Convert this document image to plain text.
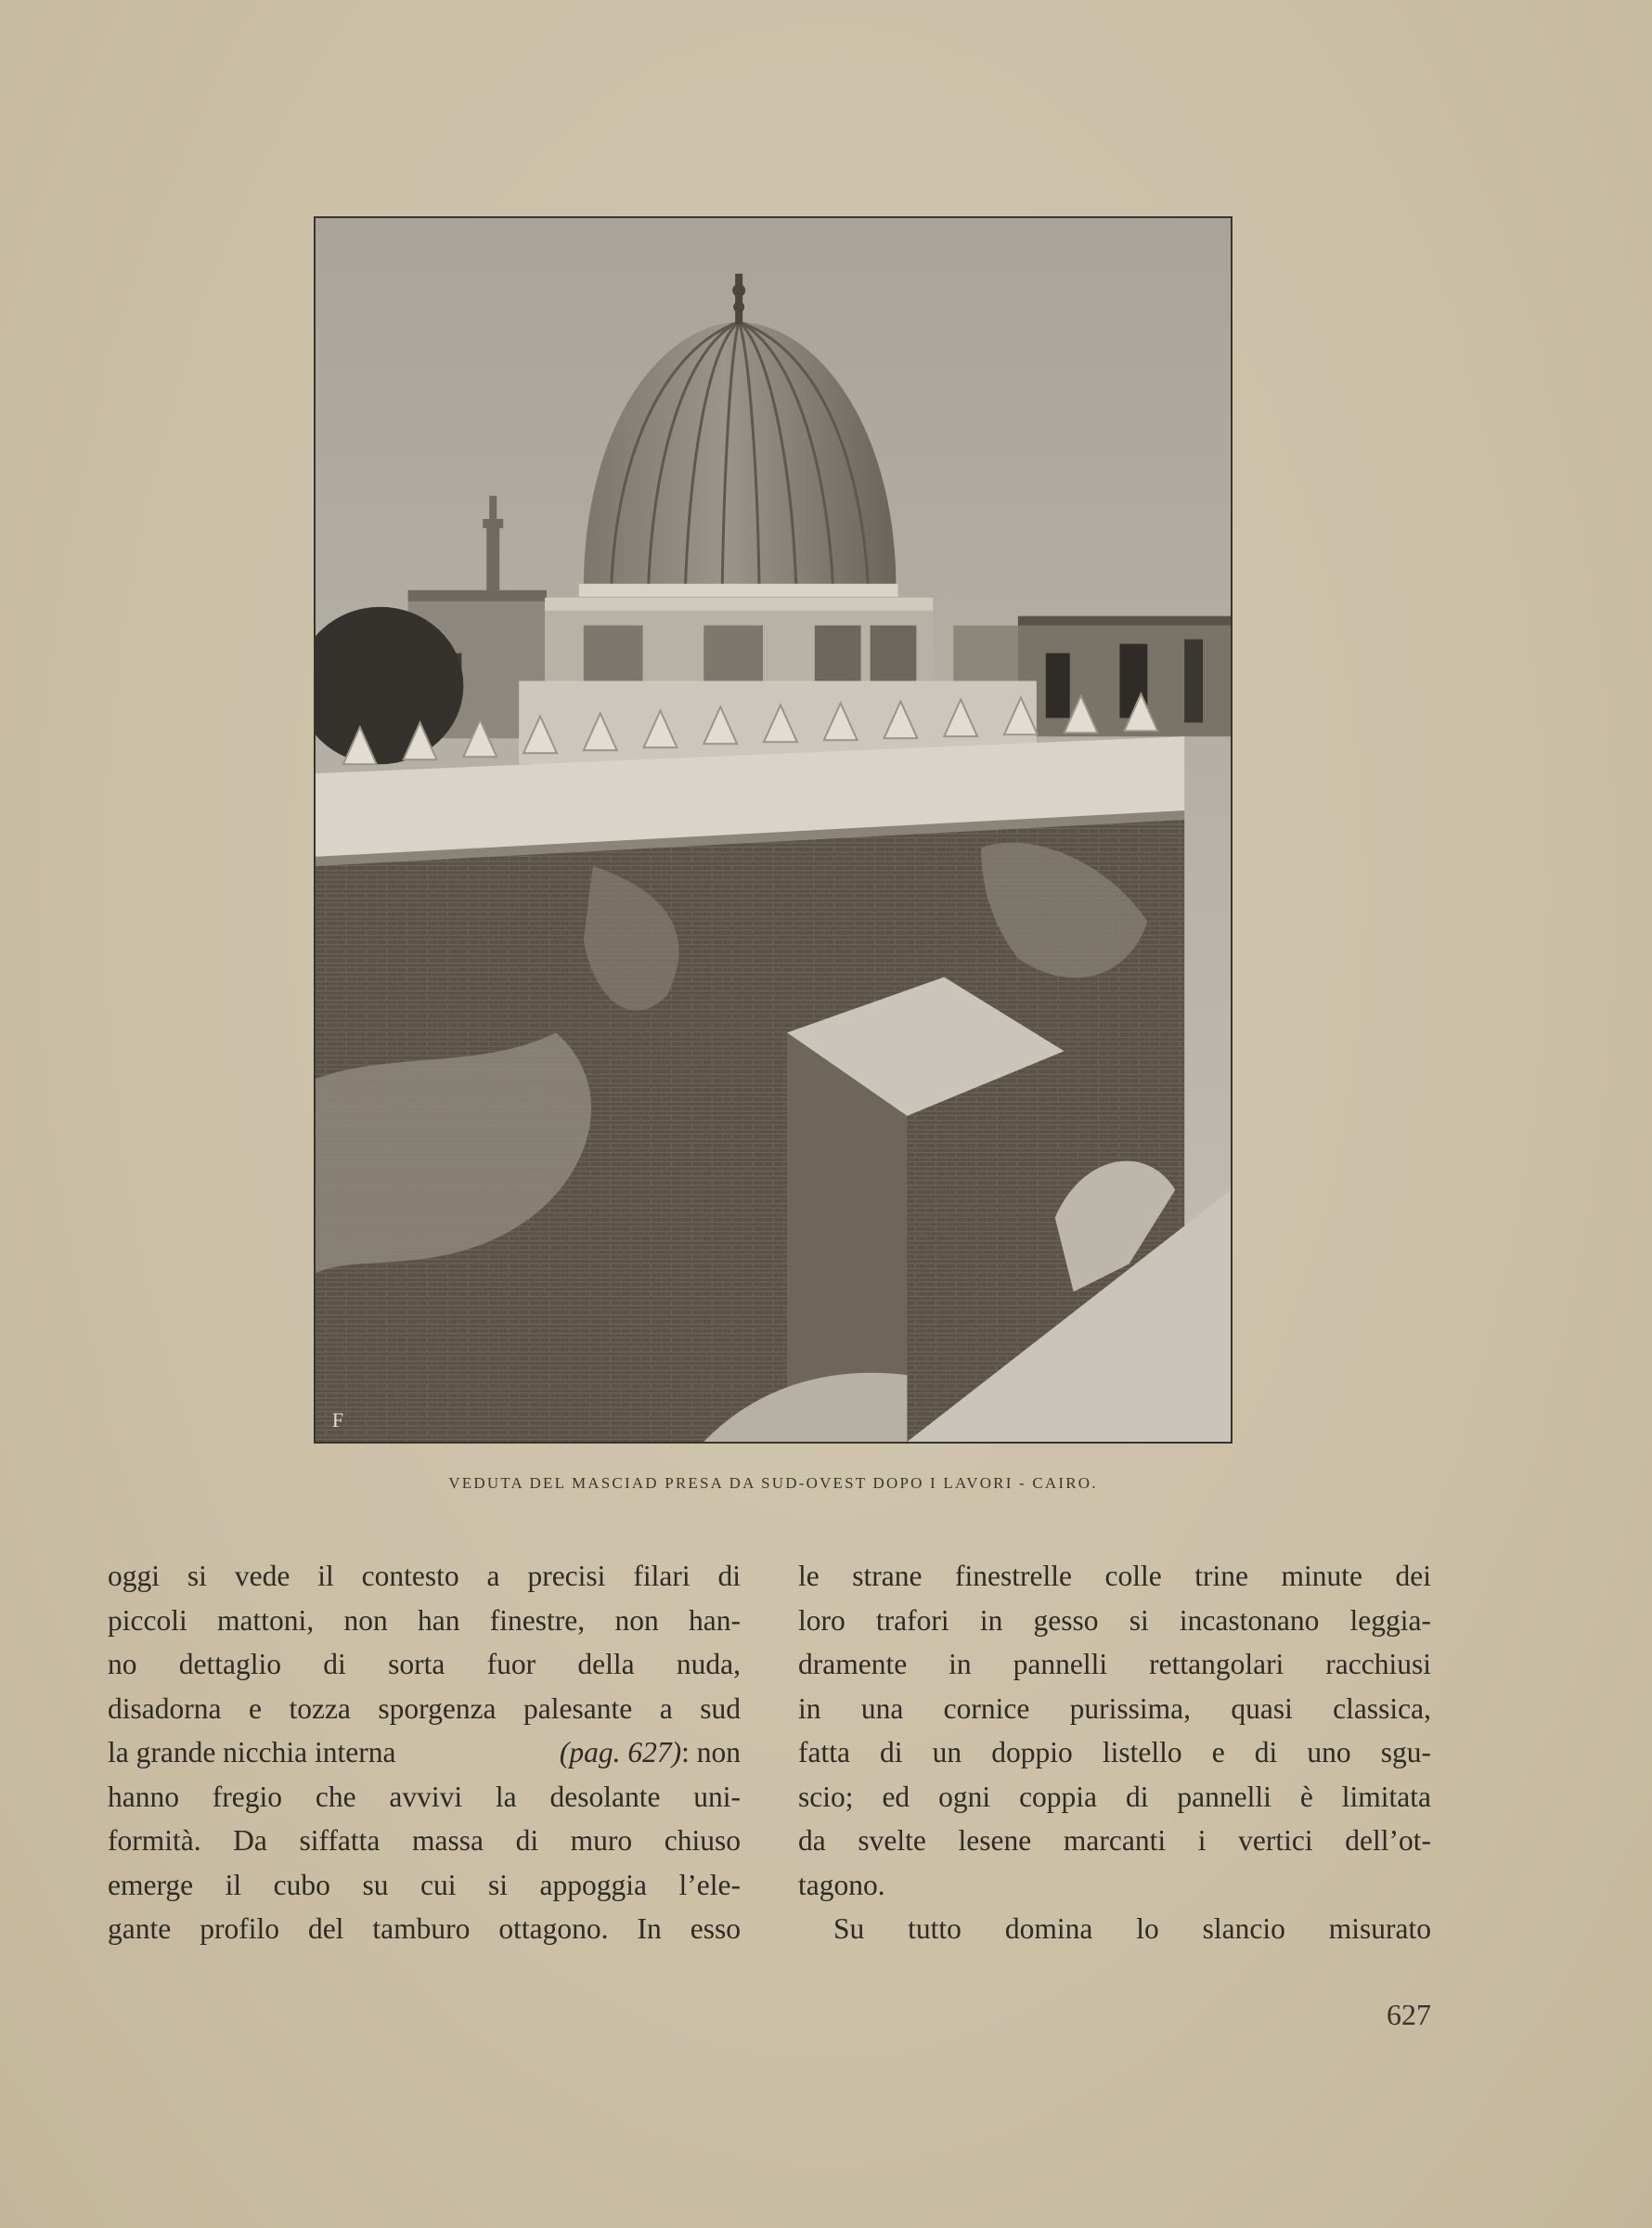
F
VEDUTA DEL MASCIAD PRESA DA SUD-OVEST DOPO I LAVORI - CAIRO.
oggi si vede il contesto a precisi filari di
piccoli mattoni, non han finestre, non han-
no dettaglio di sorta fuor della nuda,
disadorna e tozza sporgenza palesante a sud
la grande nicchia interna	(pag. 627): non
hanno fregio che avvivi la desolante uni-
formità. Da siffatta massa di muro chiuso
emerge il cubo su cui si appoggia l’ele-
gante profilo del tamburo ottagono. In esso
le strane finestrelle colle trine minute dei
loro trafori in gesso si incastonano leggia-
dramente in pannelli rettangolari racchiusi
in una cornice purissima, quasi classica,
fatta di un doppio listello e di uno sgu-
scio; ed ogni coppia di pannelli è limitata
da svelte lesene marcanti i vertici dell’ot-
tagono.
Su tutto domina lo slancio misurato
627
